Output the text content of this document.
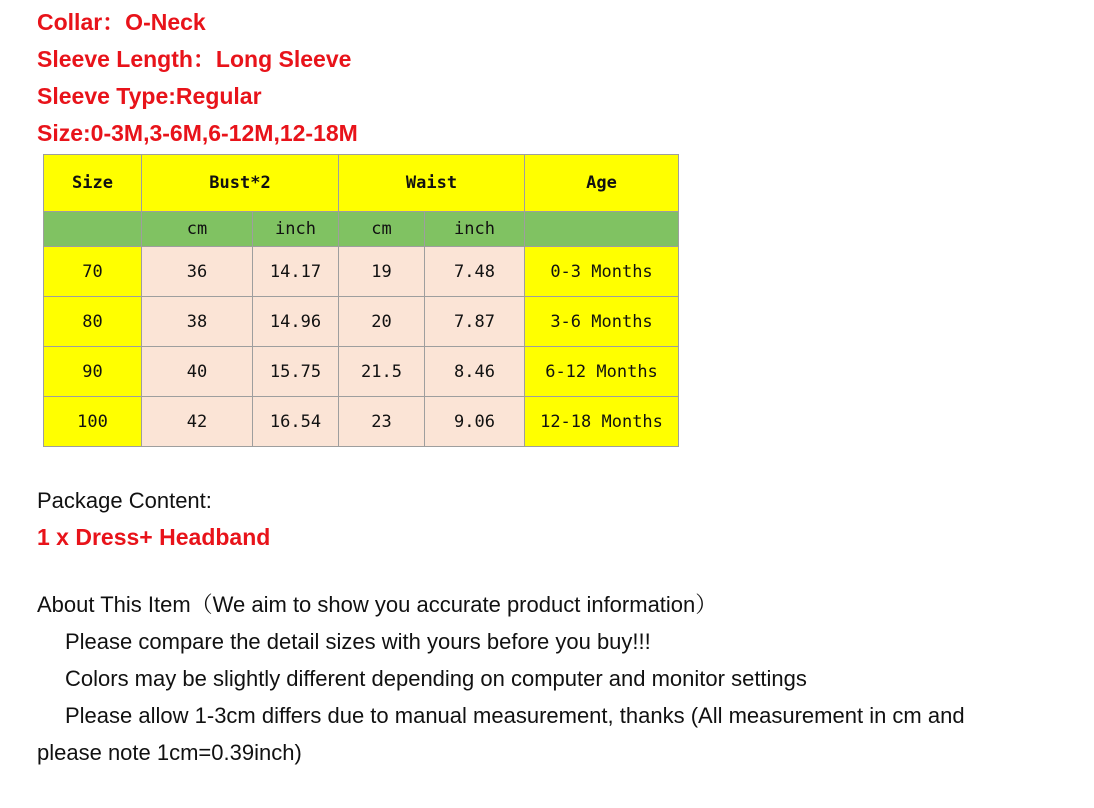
Collar：O-Neck

Sleeve Length：Long Sleeve

Sleeve Type:Regular

Size:0-3M,3-6M,6-12M,12-18M

Size	Bust*2		Waist		Age
	cm	inch	cm	inch	
70	36	14.17	19	7.48	0-3 Months
80	38	14.96	20	7.87	3-6 Months
90	40	15.75	21.5	8.46	6-12 Months
100	42	16.54	23	9.06	12-18 Months

Package Content:

1 x Dress+ Headband

About This Item（We aim to show you accurate product information）

Please compare the detail sizes with yours before you buy!!!

Colors may be slightly different depending on computer and monitor settings

Please allow 1-3cm differs due to manual measurement, thanks (All measurement in cm and

please note 1cm=0.39inch)
